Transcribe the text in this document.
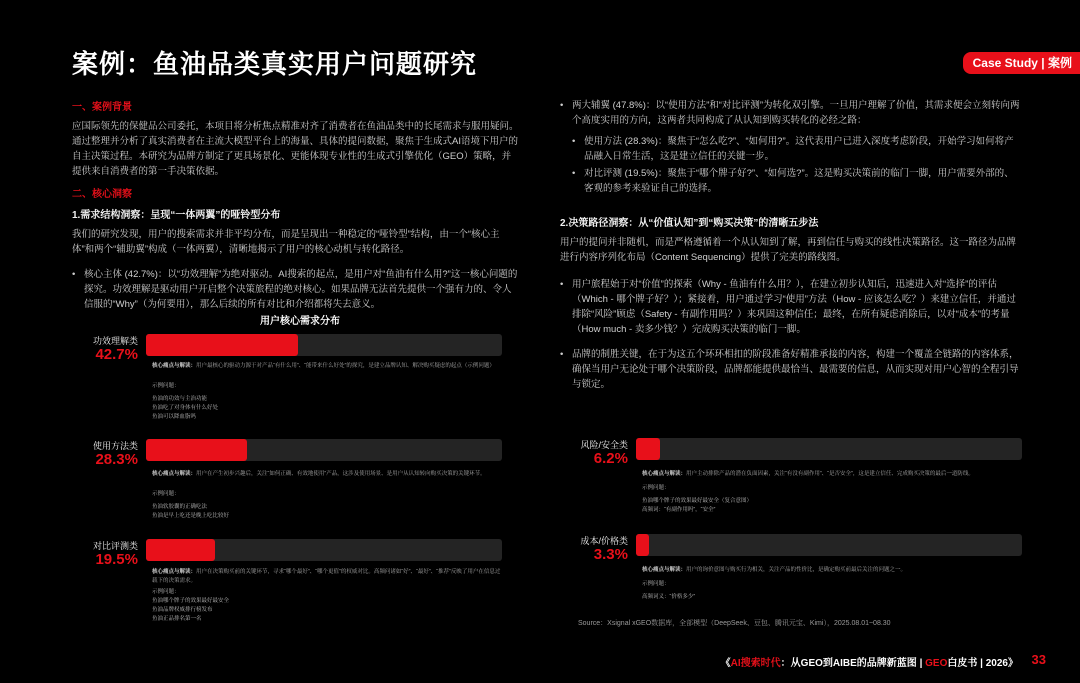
案例：鱼油品类真实用户问题研究	Case Study | 案例
一、案例背景
应国际领先的保健品公司委托，本项目将分析焦点精准对齐了消费者在鱼油品类中的长尾需求与服用疑问。通过整理并分析了真实消费者在主流大模型平台上的海量、具体的提问数据，聚焦于生成式AI语境下用户的自主决策过程。本研究为品牌方制定了更具场景化、更能体现专业性的生成式引擎优化（GEO）策略，并提供来自消费者的第一手决策依据。
二、核心洞察
1.需求结构洞察：呈现“一体两翼”的哑铃型分布
我们的研究发现，用户的搜索需求并非平均分布，而是呈现出一种稳定的“哑铃型”结构，由一个“核心主体”和两个“辅助翼”构成（一体两翼），清晰地揭示了用户的核心动机与转化路径。
• 核心主体 (42.7%)：以“功效理解”为绝对驱动。AI搜索的起点，是用户对“鱼油有什么用?”这一核心问题的探究。功效理解是驱动用户开启整个决策旅程的绝对核心。如果品牌无法首先提供一个强有力的、令人信服的“Why”（为何要用），那么后续的所有对比和介绍都将失去意义。
用户核心需求分布
功效理解类
42.7%
使用方法类
28.3%
对比评测类
19.5%
核心痛点与解读：用户最核心的驱动力源于对产品“有什么用”、“能带来什么好处”的探究，是建立品牌认知、解决购买疑虑的起点（示例问题）
示例问题：
鱼油的功效与主治功能
鱼油吃了对身体有什么好处
鱼油可以降血脂吗
核心痛点与解读：用户在产生初步兴趣后，关注“如何正确、有效地使用”产品，这涉及使用场景、是用户从认知转向购买决策的关键环节。
示例问题：
鱼油软胶囊的正确吃法
鱼油是早上吃还是晚上吃比较好
核心痛点与解读：用户在决策购买前的关键环节，寻求“哪个最好”、“哪个更值”的权威对比。高频问诸如“好”、“最好”、“推荐”反映了用户在信息过载下的决策需求。
示例问题：
鱼油哪个牌子的效果最好最安全
鱼油品牌权威排行榜发布
鱼油正品排名第一名
• 两大辅翼 (47.8%)：以“使用方法”和“对比评测”为转化双引擎。一旦用户理解了价值，其需求便会立刻转向两个高度实用的方向，这两者共同构成了从认知到购买转化的必经之路：
• 使用方法 (28.3%)：聚焦于“怎么吃?”、“如何用?”。这代表用户已进入深度考虑阶段，开始学习如何将产品融入日常生活，这是建立信任的关键一步。
• 对比评测 (19.5%)：聚焦于“哪个牌子好?”、“如何选?”。这是购买决策前的临门一脚，用户需要外部的、客观的参考来验证自己的选择。
2.决策路径洞察：从“价值认知”到“购买决策”的清晰五步法
用户的提问并非随机，而是严格遵循着一个从认知到了解，再到信任与购买的线性决策路径。这一路径为品牌进行内容序列化布局（Content Sequencing）提供了完美的路线图。
• 用户旅程始于对“价值”的探索（Why - 鱼油有什么用？），在建立初步认知后，迅速进入对“选择”的评估（Which - 哪个牌子好？）；紧接着，用户通过学习“使用”方法（How - 应该怎么吃？）来建立信任，并通过排除“风险”顾虑（Safety - 有副作用吗？）来巩固这种信任；最终，在所有疑虑消除后，以对“成本”的考量（How much - 卖多少钱？）完成购买决策的临门一脚。
• 品牌的制胜关键，在于为这五个环环相扣的阶段准备好精准承接的内容，构建一个覆盖全链路的内容体系，确保当用户无论处于哪个决策阶段，品牌都能提供最恰当、最需要的信息，从而实现对用户心智的全程引导与锁定。
风险/安全类
6.2%
成本/价格类
3.3%
核心痛点与解读：用户主动排除产品的潜在负面因素，关注“有没有副作用”、“是否安全”，这是建立信任、完成购买决策的最后一道防线。
示例问题：
鱼油哪个牌子的效果最好最安全（复合意图）
高频词：“有副作用吗”，“安全”
核心痛点与解读：用户的询价意图与购买行为相关，关注产品的性价比，是确定购买前最后关注的问题之一。
示例问题：
高频词义：“价格多少”
Source：Xsignal xGEO数据库，全部模型（DeepSeek、豆包、腾讯元宝、Kimi），2025.08.01~08.30
《AI搜索时代：从GEO到AIBE的品牌新蓝图 | GEO白皮书 | 2026》 33
